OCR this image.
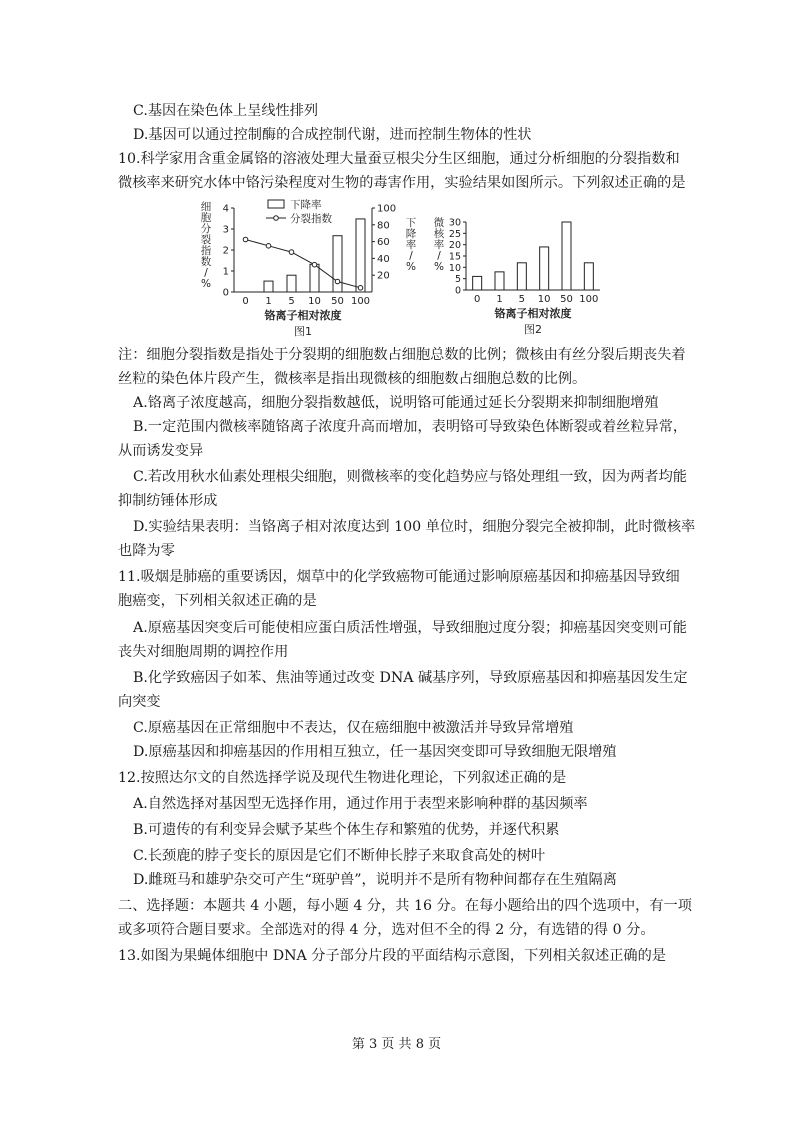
C.基因在染色体上呈线性排列
D.基因可以通过控制酶的合成控制代谢，进而控制生物体的性状
10.科学家用含重金属铬的溶液处理大量蚕豆根尖分生区细胞，通过分析细胞的分裂指数和
微核率来研究水体中铬污染程度对生物的毒害作用，实验结果如图所示。下列叙述正确的是
0
1
2
3
4
20
40
60
80
100
0 1 5 10 50 100
下降率
分裂指数
细胞分裂指数/ %
下降率/ %
铬离子相对浓度
图1
0
5
10
15
20
25
30
0 1 5 10 50 100
微核率/ %
铬离子相对浓度
图2
注：细胞分裂指数是指处于分裂期的细胞数占细胞总数的比例；微核由有丝分裂后期丧失着
丝粒的染色体片段产生，微核率是指出现微核的细胞数占细胞总数的比例。
A.铬离子浓度越高，细胞分裂指数越低，说明铬可能通过延长分裂期来抑制细胞增殖
B.一定范围内微核率随铬离子浓度升高而增加，表明铬可导致染色体断裂或着丝粒异常，
从而诱发变异
C.若改用秋水仙素处理根尖细胞，则微核率的变化趋势应与铬处理组一致，因为两者均能
抑制纺锤体形成
D.实验结果表明：当铬离子相对浓度达到 100 单位时，细胞分裂完全被抑制，此时微核率
也降为零
11.吸烟是肺癌的重要诱因，烟草中的化学致癌物可能通过影响原癌基因和抑癌基因导致细
胞癌变，下列相关叙述正确的是
A.原癌基因突变后可能使相应蛋白质活性增强，导致细胞过度分裂；抑癌基因突变则可能
丧失对细胞周期的调控作用
B.化学致癌因子如苯、焦油等通过改变 DNA 碱基序列，导致原癌基因和抑癌基因发生定
向突变
C.原癌基因在正常细胞中不表达，仅在癌细胞中被激活并导致异常增殖
D.原癌基因和抑癌基因的作用相互独立，任一基因突变即可导致细胞无限增殖
12.按照达尔文的自然选择学说及现代生物进化理论，下列叙述正确的是
A.自然选择对基因型无选择作用，通过作用于表型来影响种群的基因频率
B.可遗传的有利变异会赋予某些个体生存和繁殖的优势，并逐代积累
C.长颈鹿的脖子变长的原因是它们不断伸长脖子来取食高处的树叶
D.雌斑马和雄驴杂交可产生“斑驴兽”，说明并不是所有物种间都存在生殖隔离
二、选择题：本题共 4 小题，每小题 4 分，共 16 分。在每小题给出的四个选项中，有一项
或多项符合题目要求。全部选对的得 4 分，选对但不全的得 2 分，有选错的得 0 分。
13.如图为果蝇体细胞中 DNA 分子部分片段的平面结构示意图，下列相关叙述正确的是
第 3 页 共 8 页
